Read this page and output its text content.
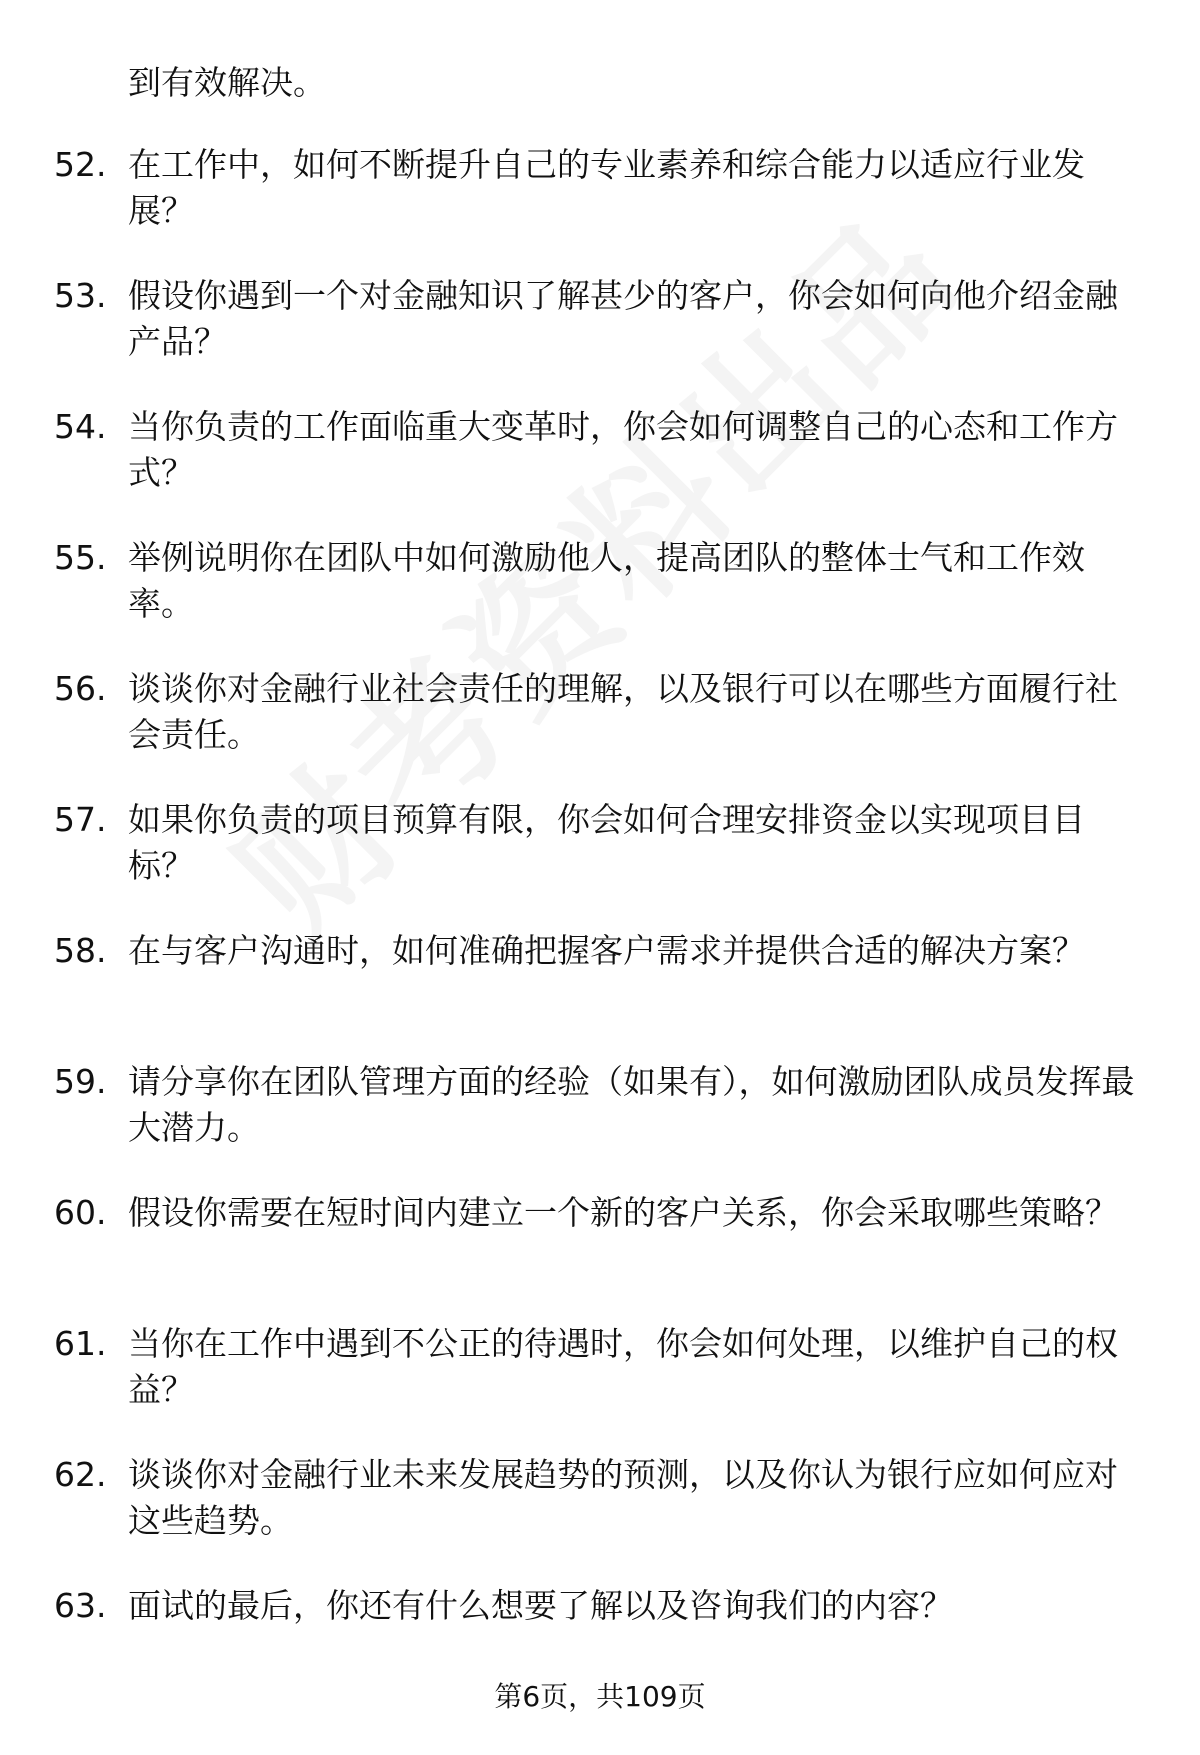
到有效解决。
52. 在工作中，如何不断提升自己的专业素养和综合能力以适应行业发展？
53. 假设你遇到一个对金融知识了解甚少的客户，你会如何向他介绍金融产品？
54. 当你负责的工作面临重大变革时，你会如何调整自己的心态和工作方式？
55. 举例说明你在团队中如何激励他人，提高团队的整体士气和工作效率。
56. 谈谈你对金融行业社会责任的理解，以及银行可以在哪些方面履行社会责任。
57. 如果你负责的项目预算有限，你会如何合理安排资金以实现项目目标？
58. 在与客户沟通时，如何准确把握客户需求并提供合适的解决方案？
59. 请分享你在团队管理方面的经验（如果有），如何激励团队成员发挥最大潜力。
60. 假设你需要在短时间内建立一个新的客户关系，你会采取哪些策略？
61. 当你在工作中遇到不公正的待遇时，你会如何处理，以维护自己的权益？
62. 谈谈你对金融行业未来发展趋势的预测，以及你认为银行应如何应对这些趋势。
63. 面试的最后，你还有什么想要了解以及咨询我们的内容？
第6页，共109页
